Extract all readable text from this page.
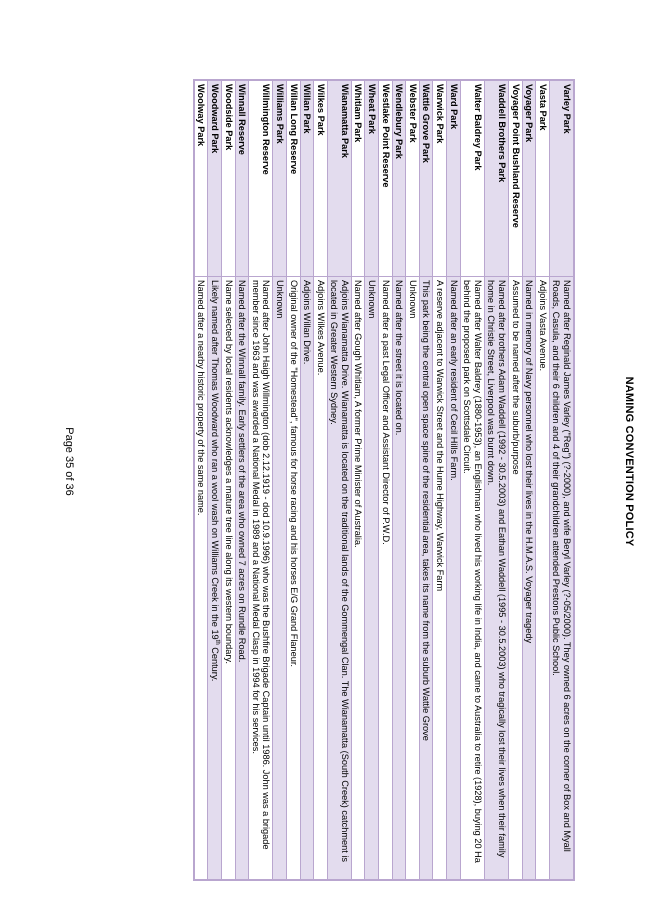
NAMING CONVENTION POLICY
Varley Park	Named after Reginald James Varley ("Reg") (?-2000), and wife Beryl Varley (?-05/2000). They owned 6 acres on the corner of Box and Myall Roads, Casula, and their 6 children and 4 of their grandchildren attended Prestons Public School.
Vasta Park	Adjoins Vasta Avenue.
Voyager Park	Named in memory of Navy personnel who lost their lives in the H.M.A.S. Voyager tragedy
Voyager Point Bushland Reserve	Assumed to be named after the suburb/purpose
Waddell Brothers Park	Named after brothers Adam Waddell (1992 - 30.5.2003) and Eathan Waddell (1995 - 30.5.2003) who tragically lost their lives when their family home in Christie Street, Liverpool was burnt down.
Walter Baldrey Park	Named after Walter Baldrey (1880-1953), an Englishman who lived his working life in India, and came to Australia to retire (1928), buying 20 Ha behind the proposed park on Scottsdale Circuit.
Ward Park	Named after an early resident of Cecil Hills Farm.
Warwick Park	A reserve adjacent to Warwick Street and the Hume Highway, Warwick Farm
Wattle Grove Park	This park being the central open space spine of the residential area, takes its name from the suburb Wattle Grove
Webster Park	Unknown
Wendlebury Park	Named after the street it is located on.
Westlake Point Reserve	Named after a past Legal Officer and Assistant Director of P.W.D.
Wheat Park	Unknown
Whitlam Park	Named after Gough Whitlam, A former Prime Minister of Australia.
Wianamatta Park	Adjoins Wianamatta Drive. Wianamatta is located on the traditional lands of the Gommengal Clan. The Wianamatta (South Creek) catchment is located in Greater Western Sydney.
Wilkes Park	Adjoins Wilkes Avenue.
Willan Park	Adjoins Willan Drive.
Willan Long Reserve	Original owner of the "Homestead", famous for horse racing and his horses E/G Grand Flaneur.
Williams Park	Unknown
Willmington Reserve	Named after John Haigh Willmington (dob 2.12.1919 - dod 10.9.1996) who was the Bushfire Brigade Captain until 1986. John was a brigade member since 1963 and was awarded a National Medal in 1989 and a National Medal Clasp in 1994 for his services.
Winnall Reserve	Named after the Winnall family. Early settlers of the area who owned 7 acres on Rundle Road.
Woodside Park	Name selected by local residents acknowledges a mature tree line along its western boundary.
Woodward Park	Likely named after Thomas Woodward who ran a wool wash on Williams Creek in the 19th Century.
Woolway Park	Named after a nearby historic property of the same name.
Page 35 of 36
